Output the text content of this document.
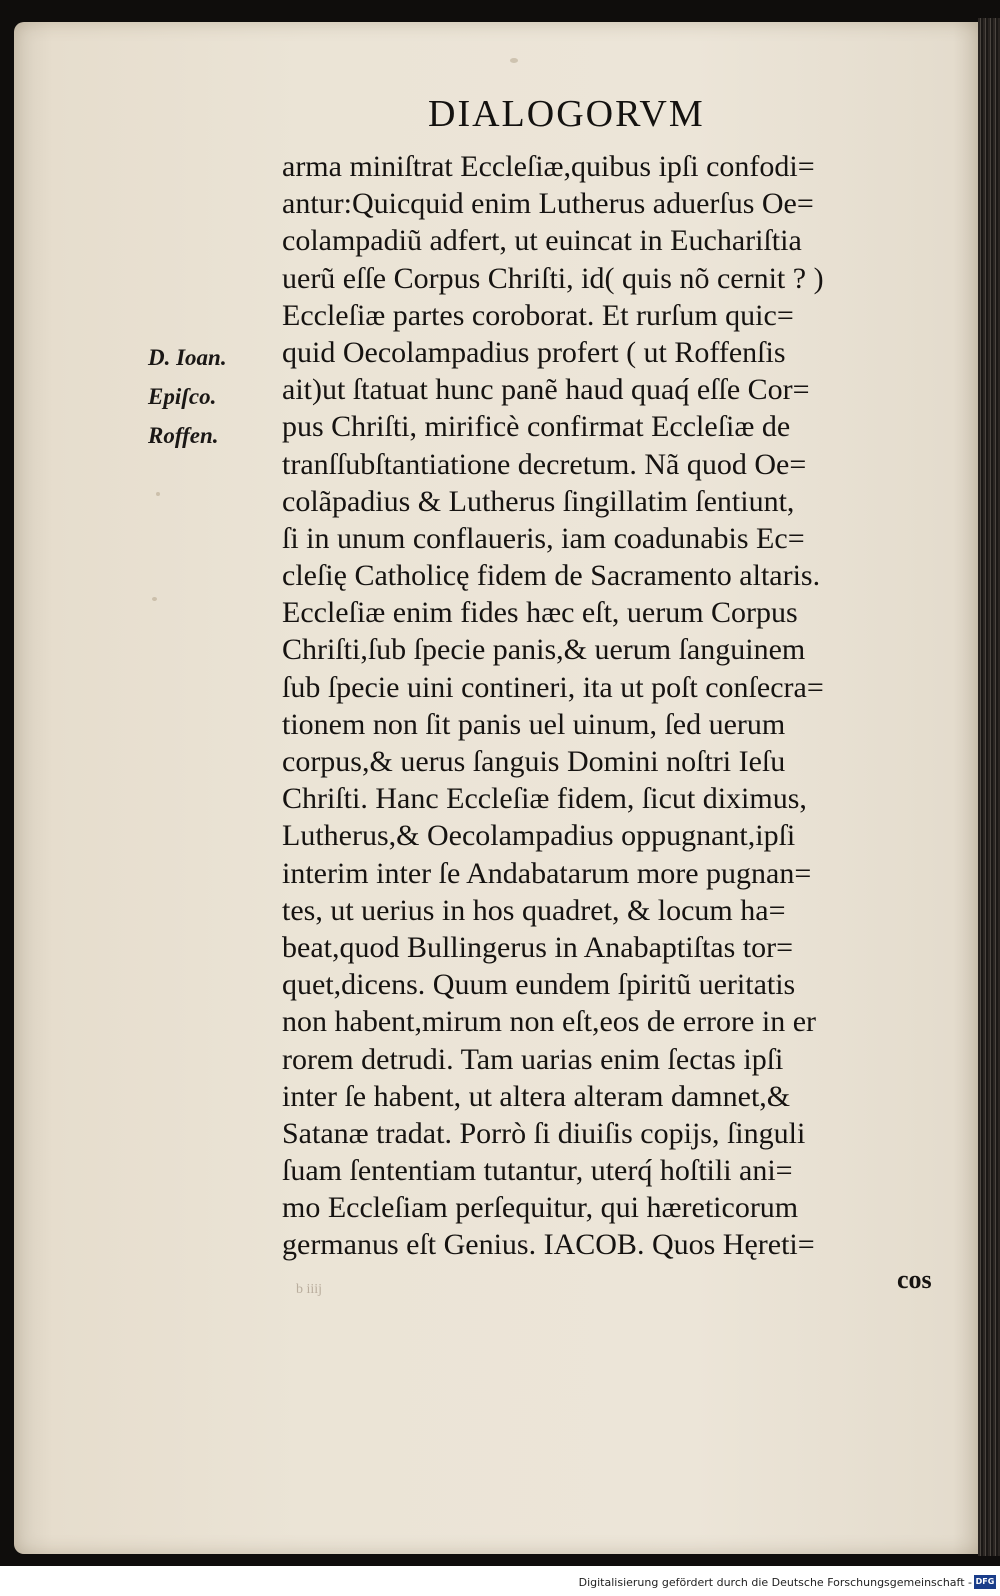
DIALOGORVM
D. Ioan.
Epiſco.
Roffen.
arma miniſtrat Eccleſiæ,quibus ipſi confodi=
antur:Quicquid enim Lutherus aduerſus Oe=
colampadiũ adfert, ut euincat in Euchariſtia
uerũ eſſe Corpus Chriſti, id( quis nõ cernit ? )
Eccleſiæ partes coroborat. Et rurſum quic=
quid Oecolampadius profert ( ut Roffenſis
ait)ut ſtatuat hunc panẽ haud quaq́ eſſe Cor=
pus Chriſti, mirificè confirmat Eccleſiæ de
tranſſubſtantiatione decretum. Nã quod Oe=
colãpadius & Lutherus ſingillatim ſentiunt,
ſi in unum conflaueris, iam coadunabis Ec=
cleſię Catholicę fidem de Sacramento altaris.
Eccleſiæ enim fides hæc eſt, uerum Corpus
Chriſti,ſub ſpecie panis,& uerum ſanguinem
ſub ſpecie uini contineri, ita ut poſt conſecra=
tionem non ſit panis uel uinum, ſed uerum
corpus,& uerus ſanguis Domini noſtri Ieſu
Chriſti. Hanc Eccleſiæ fidem, ſicut diximus,
Lutherus,& Oecolampadius oppugnant,ipſi
interim inter ſe Andabatarum more pugnan=
tes, ut uerius in hos quadret, & locum ha=
beat,quod Bullingerus in Anabaptiſtas tor=
quet,dicens. Quum eundem ſpiritũ ueritatis
non habent,mirum non eſt,eos de errore in er
rorem detrudi. Tam uarias enim ſectas ipſi
inter ſe habent, ut altera alteram damnet,&
Satanæ tradat. Porrò ſi diuiſis copijs, ſinguli
ſuam ſententiam tutantur, uterq́ hoſtili ani=
mo Eccleſiam perſequitur, qui hæreticorum
germanus eſt Genius. IACOB. Quos Hęreti=
b iiij	cos
Digitalisierung gefördert durch die Deutsche Forschungsgemeinschaft - DFG
